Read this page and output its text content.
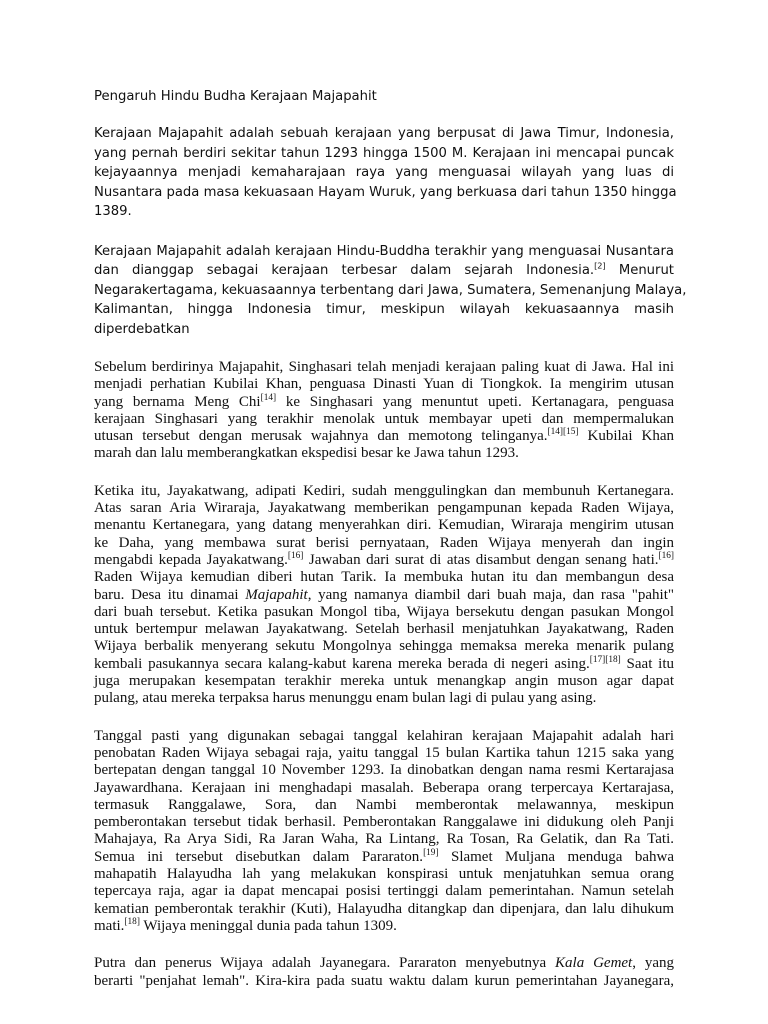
Pengaruh Hindu Budha Kerajaan Majapahit
Kerajaan Majapahit adalah sebuah kerajaan yang berpusat di Jawa Timur, Indonesia,
yang pernah berdiri sekitar tahun 1293 hingga 1500 M. Kerajaan ini mencapai puncak
kejayaannya menjadi kemaharajaan raya yang menguasai wilayah yang luas di
Nusantara pada masa kekuasaan Hayam Wuruk, yang berkuasa dari tahun 1350 hingga
1389.
Kerajaan Majapahit adalah kerajaan Hindu-Buddha terakhir yang menguasai Nusantara
dan dianggap sebagai kerajaan terbesar dalam sejarah Indonesia.[2] Menurut
Negarakertagama, kekuasaannya terbentang dari Jawa, Sumatera, Semenanjung Malaya,
Kalimantan, hingga Indonesia timur, meskipun wilayah kekuasaannya masih
diperdebatkan
Sebelum berdirinya Majapahit, Singhasari telah menjadi kerajaan paling kuat di Jawa. Hal ini
menjadi perhatian Kubilai Khan, penguasa Dinasti Yuan di Tiongkok. Ia mengirim utusan
yang bernama Meng Chi[14] ke Singhasari yang menuntut upeti. Kertanagara, penguasa
kerajaan Singhasari yang terakhir menolak untuk membayar upeti dan mempermalukan
utusan tersebut dengan merusak wajahnya dan memotong telinganya.[14][15] Kubilai Khan
marah dan lalu memberangkatkan ekspedisi besar ke Jawa tahun 1293.
Ketika itu, Jayakatwang, adipati Kediri, sudah menggulingkan dan membunuh Kertanegara.
Atas saran Aria Wiraraja, Jayakatwang memberikan pengampunan kepada Raden Wijaya,
menantu Kertanegara, yang datang menyerahkan diri. Kemudian, Wiraraja mengirim utusan
ke Daha, yang membawa surat berisi pernyataan, Raden Wijaya menyerah dan ingin
mengabdi kepada Jayakatwang.[16] Jawaban dari surat di atas disambut dengan senang hati.[16]
Raden Wijaya kemudian diberi hutan Tarik. Ia membuka hutan itu dan membangun desa
baru. Desa itu dinamai Majapahit, yang namanya diambil dari buah maja, dan rasa "pahit"
dari buah tersebut. Ketika pasukan Mongol tiba, Wijaya bersekutu dengan pasukan Mongol
untuk bertempur melawan Jayakatwang. Setelah berhasil menjatuhkan Jayakatwang, Raden
Wijaya berbalik menyerang sekutu Mongolnya sehingga memaksa mereka menarik pulang
kembali pasukannya secara kalang-kabut karena mereka berada di negeri asing.[17][18] Saat itu
juga merupakan kesempatan terakhir mereka untuk menangkap angin muson agar dapat
pulang, atau mereka terpaksa harus menunggu enam bulan lagi di pulau yang asing.
Tanggal pasti yang digunakan sebagai tanggal kelahiran kerajaan Majapahit adalah hari
penobatan Raden Wijaya sebagai raja, yaitu tanggal 15 bulan Kartika tahun 1215 saka yang
bertepatan dengan tanggal 10 November 1293. Ia dinobatkan dengan nama resmi Kertarajasa
Jayawardhana. Kerajaan ini menghadapi masalah. Beberapa orang terpercaya Kertarajasa,
termasuk Ranggalawe, Sora, dan Nambi memberontak melawannya, meskipun
pemberontakan tersebut tidak berhasil. Pemberontakan Ranggalawe ini didukung oleh Panji
Mahajaya, Ra Arya Sidi, Ra Jaran Waha, Ra Lintang, Ra Tosan, Ra Gelatik, dan Ra Tati.
Semua ini tersebut disebutkan dalam Pararaton.[19] Slamet Muljana menduga bahwa
mahapatih Halayudha lah yang melakukan konspirasi untuk menjatuhkan semua orang
tepercaya raja, agar ia dapat mencapai posisi tertinggi dalam pemerintahan. Namun setelah
kematian pemberontak terakhir (Kuti), Halayudha ditangkap dan dipenjara, dan lalu dihukum
mati.[18] Wijaya meninggal dunia pada tahun 1309.
Putra dan penerus Wijaya adalah Jayanegara. Pararaton menyebutnya Kala Gemet, yang
berarti "penjahat lemah". Kira-kira pada suatu waktu dalam kurun pemerintahan Jayanegara,
